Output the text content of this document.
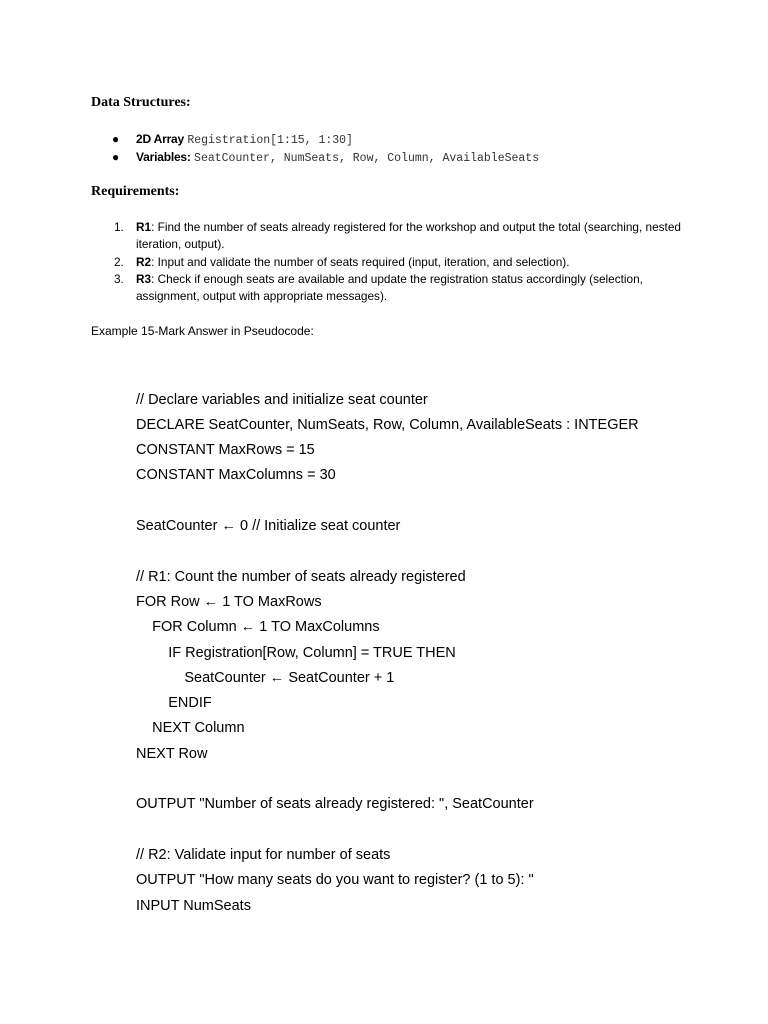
Data Structures:
● 2D Array Registration[1:15, 1:30]
● Variables: SeatCounter, NumSeats, Row, Column, AvailableSeats
Requirements:
1. R1: Find the number of seats already registered for the workshop and output the total (searching, nested iteration, output).
2. R2: Input and validate the number of seats required (input, iteration, and selection).
3. R3: Check if enough seats are available and update the registration status accordingly (selection, assignment, output with appropriate messages).

Example 15-Mark Answer in Pseudocode:

// Declare variables and initialize seat counter
DECLARE SeatCounter, NumSeats, Row, Column, AvailableSeats : INTEGER
CONSTANT MaxRows = 15
CONSTANT MaxColumns = 30
SeatCounter ← 0 // Initialize seat counter
// R1: Count the number of seats already registered
FOR Row ← 1 TO MaxRows
FOR Column ← 1 TO MaxColumns
IF Registration[Row, Column] = TRUE THEN
SeatCounter ← SeatCounter + 1
ENDIF
NEXT Column
NEXT Row
OUTPUT "Number of seats already registered: ", SeatCounter
// R2: Validate input for number of seats
OUTPUT "How many seats do you want to register? (1 to 5): "
INPUT NumSeats
